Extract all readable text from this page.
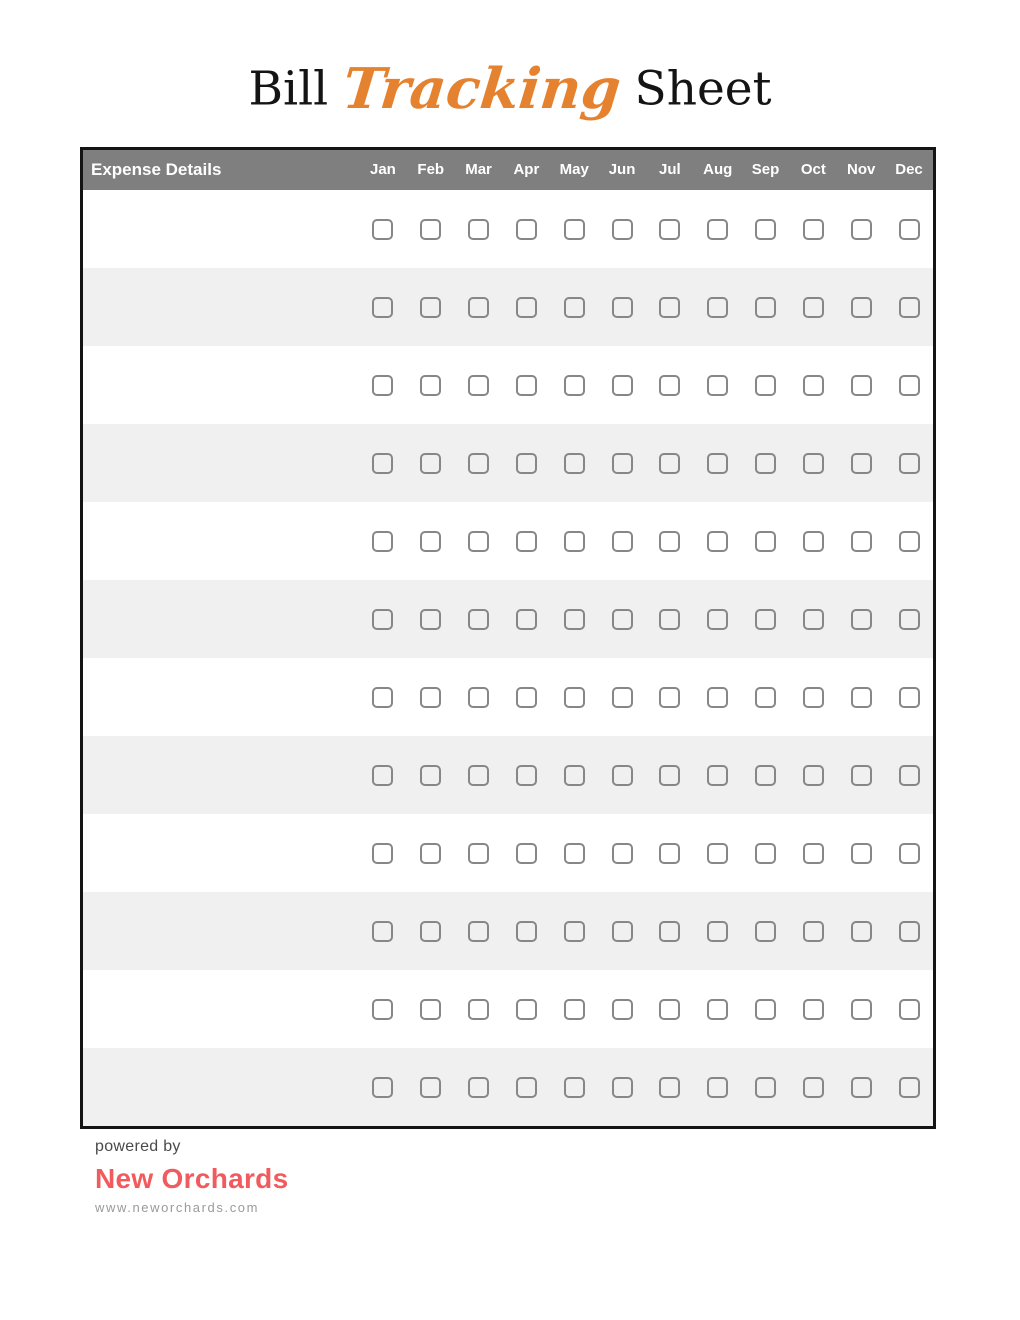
Bill Tracking Sheet
Expense Details	Jan	Feb	Mar	Apr	May	Jun	Jul	Aug	Sep	Oct	Nov	Dec
powered by
New Orchards
www.neworchards.com
